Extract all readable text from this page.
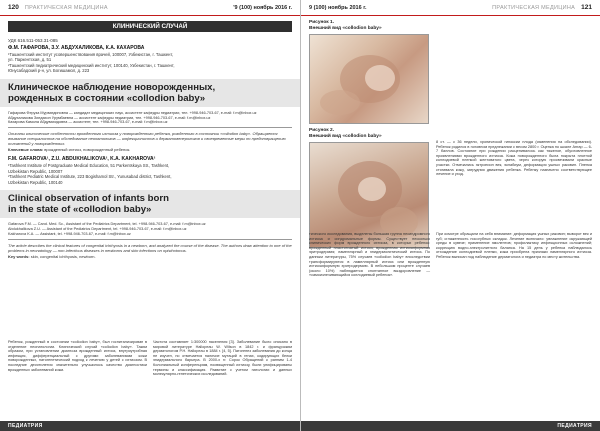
120 ПРАКТИЧЕСКАЯ МЕДИЦИНА	'9 (100) ноябрь 2016 г.
КЛИНИЧЕСКИЙ СЛУЧАЙ
УДК 616.511-053.31-085
Ф.М. ГАФАРОВА, З.У. АБДУХАЛИКОВА, К.А. КАХАРОВА
¹Ташкентский институт усовершенствования врачей, 100007, Узбекистан, г. Ташкент,
ул. Паркентская, д. 51
²Ташкентский педиатрический медицинский институт, 100140, Узбекистан, г. Ташкент,
Юнусабадский р-н, ул. Богишамол, д. 223
Клиническое наблюдение новорожденных,
рожденных в состоянии «collodion baby»
Гафарова Феруза Мурватдиновна — кандидат медицинских наук, ассистент кафедры педиатрии, тел. +998-946-703-67, e-mail: f.m@inbox.uz
Абдухаликова Зиедахон Урумбаевна — ассистент кафедры педиатрии, тел. +998-946-703-67, e-mail: f.m@inbox.uz
Кахарова Камола Абдувахидовна — ассистент, тел. +998-946-703-67, e-mail: f.m@inbox.uz
Описаны клинические особенности врожденного ихтиоза у новорожденного ребенка, рожденного в состоянии «collodion baby». Обращается внимание специалистов на обследование неонатологов — инфекционистов и дерматовенерологов и своевременные меры по предотвращению осложнений у новорожденных.
Ключевые слова: врожденный ихтиоз, новорожденный ребенок.
F.M. GAFAROVA¹, Z.U. ABDUKHALIKOVA², K.A. KAKHAROVA²
¹Tashkent Institute of Postgraduate Medical Education, 51 Parkentskaya Str., Tashkent,
Uzbekistan Republic, 100007
²Tashkent Pediatric Medical Institute, 223 Bogishamol Str., Yunusabad district, Tashkent,
Uzbekistan Republic, 100140
Clinical observation of infants born
in the state of «collodion baby»
Gafarova F.M. — Cand. Med. Sc., Assistant of the Pediatrics Department, tel. +998-946-703-67, e-mail: f.m@inbox.uz
Abdukhalikova Z.U. — Assistant of the Pediatrics Department, tel. +998-946-703-67, e-mail: f.m@inbox.uz
Kakharova K.A. — Assistant, tel. +998-946-703-67, e-mail: f.m@inbox.uz
The article describes the clinical features of congenital ichthyosis in a newborn, and analyzed the course of the disease. The authors draw attention to one of the problems in neonatology — non-infectious diseases in newborns and skin infections on opisthotonus.
Key words: skin, congenital ichthyosis, newborn.
Ребенок, рожденный в состоянии «collodion baby», был госпитализирован в отделение неонатологии. Клинический случай «collodion baby». Таким образом, при установлении диагноза врожденный ихтиоз, внутриутробная инфекция, дифференциальный с другими заболеваниями кожи новорожденных, патогенетический подход к лечению у детей с ихтиозом. В последние десятилетия значительно улучшилось качество диагностики врожденных заболеваний кожи.
Частота составляет 1:300000 населения [3]. Заболевание было описано в мировой литературе Hallopeau W. Wilson в 1842 г. и французским дерматологом P.H. Hallopeau в 1884 г. [4, 5]. Патогенез заболевания до конца не изучен, но отмечается наличие мутаций в генах, кодирующих белки эпидермального барьера. В 2000-х гг. Сорок Обращений к ранним 1-4 Колониальный конференциям, посвященный ихтиозу, были унифицированы термины и классификация. Развитие с учетом патологии и данных молекулярно-генетических исследований.
ПЕДИАТРИЯ
9 (100) ноябрь 2016 г.	ПРАКТИЧЕСКАЯ МЕДИЦИНА 121
Рисунок 1.
Внешний вид «collodion baby»
Рисунок 2.
Внешний вид «collodion baby»
8 ст. — с 36 недели, хронической гипоксии плода (изменения на обследовании). Ребенок родился в головном предлежании с весом 2800 г. Оценка по шкале Апгар — 6-7 баллов. Состояние при рождении расценивалось как тяжелое, обусловленное проявлениями врожденного ихтиоза. Кожа новорожденного была покрыта плотной коллодиевой пленкой желтоватого цвета, через которую просвечивали красные участки. Отмечались эктропион век, эклабиум, деформация ушных раковин. Пленка стягивала кожу, затрудняя движения ребенка. Ребенку назначено соответствующее лечение и уход.
При осмотре обращали на себя внимание: деформация ушных раковин; выворот век и губ; сглаженность носогубных складок. Лечение включало: увлажнение окружающей среды в кувезе; применение эмолентов; профилактику инфекционных осложнений; коррекцию водно-электролитного баланса. На 15 день у ребенка наблюдалось отхождение коллодиевой пленки, кожа приобрела признаки ламеллярного ихтиоза. Ребенок выписан под наблюдение дерматолога и педиатра по месту жительства.
тического исследования, выделены большая группа несиндромного ихтиоза и синдромальные формы. Существует несколько клинических форм врожденного ихтиоза, в которых ребенок: врожденный пластинчатый ихтиоз; врожденная ихтиозиформная эритродермия; ламеллярный и эпидермолитический ихтиоз. По данным литературы, 75% случаев «collodion baby» впоследствии трансформируются в ламеллярный ихтиоз или врожденную ихтиозиформную эритродермию. В небольшом проценте случаев (около 10%) наблюдается спонтанное выздоровление — «самоизлечивающийся коллодиевый ребенок».
ПЕДИАТРИЯ
